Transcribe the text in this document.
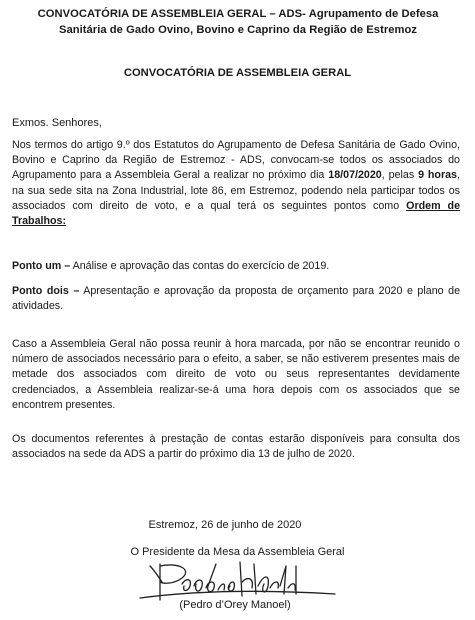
CONVOCATÓRIA DE ASSEMBLEIA GERAL – ADS- Agrupamento de Defesa
Sanitária de Gado Ovino, Bovino e Caprino da Região de Estremoz
CONVOCATÓRIA DE ASSEMBLEIA GERAL
Exmos. Senhores,
Nos termos do artigo 9.º dos Estatutos do Agrupamento de Defesa Sanitária de Gado Ovino, Bovino e Caprino da Região de Estremoz - ADS, convocam-se todos os associados do Agrupamento para a Assembleia Geral a realizar no próximo dia 18/07/2020, pelas 9 horas, na sua sede sita na Zona Industrial, lote 86, em Estremoz, podendo nela participar todos os associados com direito de voto, e a qual terá os seguintes pontos como Ordem de Trabalhos:
Ponto um – Análise e aprovação das contas do exercício de 2019.
Ponto dois – Apresentação e aprovação da proposta de orçamento para 2020 e plano de atividades.
Caso a Assembleia Geral não possa reunir à hora marcada, por não se encontrar reunido o número de associados necessário para o efeito, a saber, se não estiverem presentes mais de metade dos associados com direito de voto ou seus representantes devidamente credenciados, a Assembleia realizar-se-á uma hora depois com os associados que se encontrem presentes.
Os documentos referentes à prestação de contas estarão disponíveis para consulta dos associados na sede da ADS a partir do próximo dia 13 de julho de 2020.
Estremoz, 26 de junho de 2020
O Presidente da Mesa da Assembleia Geral
(Pedro d’Orey Manoel)
